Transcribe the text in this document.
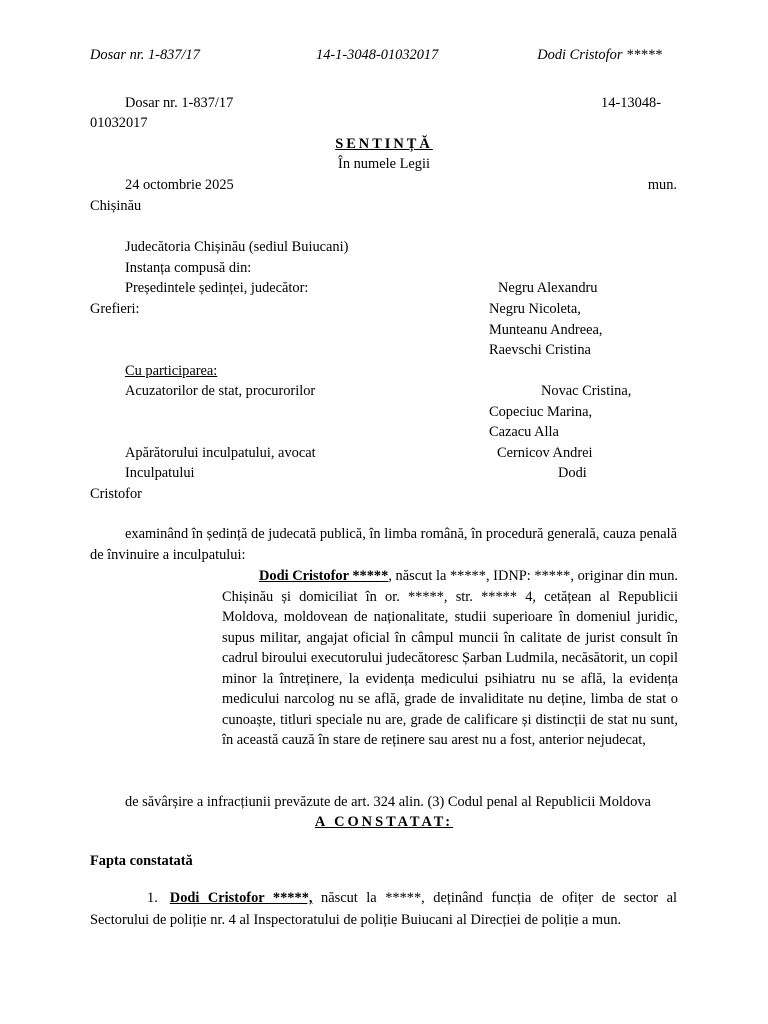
Dosar nr. 1-837/17	14-1-3048-01032017	Dodi Cristofor *****
Dosar nr. 1-837/17	14-13048-
01032017
SENTINȚĂ
În numele Legii
24 octombrie 2025	mun.
Chișinău
Judecătoria Chișinău (sediul Buiucani)
Instanța compusă din:
Președintele ședinței, judecător:	Negru Alexandru
Grefieri:	Negru Nicoleta,
Munteanu Andreea,
Raevschi Cristina
Cu participarea:
Acuzatorilor de stat, procurorilor	Novac Cristina,
Copeciuc Marina,
Cazacu Alla
Apărătorului inculpatului, avocat	Cernicov Andrei
Inculpatului	Dodi
Cristofor
examinând în ședință de judecată publică, în limba română, în procedură generală, cauza penală de învinuire a inculpatului:
Dodi Cristofor *****, născut la *****, IDNP: *****, originar din mun. Chișinău și domiciliat în or. *****, str. ***** 4, cetățean al Republicii Moldova, moldovean de naționalitate, studii superioare în domeniul juridic, supus militar, angajat oficial în câmpul muncii în calitate de jurist consult în cadrul biroului executorului judecătoresc Șarban Ludmila, necăsătorit, un copil minor la întreținere, la evidența medicului psihiatru nu se află, la evidența medicului narcolog nu se află, grade de invaliditate nu deține, limba de stat o cunoaște, titluri speciale nu are, grade de calificare și distincții de stat nu sunt, în această cauză în stare de reținere sau arest nu a fost, anterior nejudecat,
de săvârșire a infracțiunii prevăzute de art. 324 alin. (3) Codul penal al Republicii Moldova
A CONSTATAT:
Fapta constatată
1. Dodi Cristofor *****, născut la *****, deținând funcția de ofițer de sector al Sectorului de poliție nr. 4 al Inspectoratului de poliție Buiucani al Direcției de poliție a mun.
